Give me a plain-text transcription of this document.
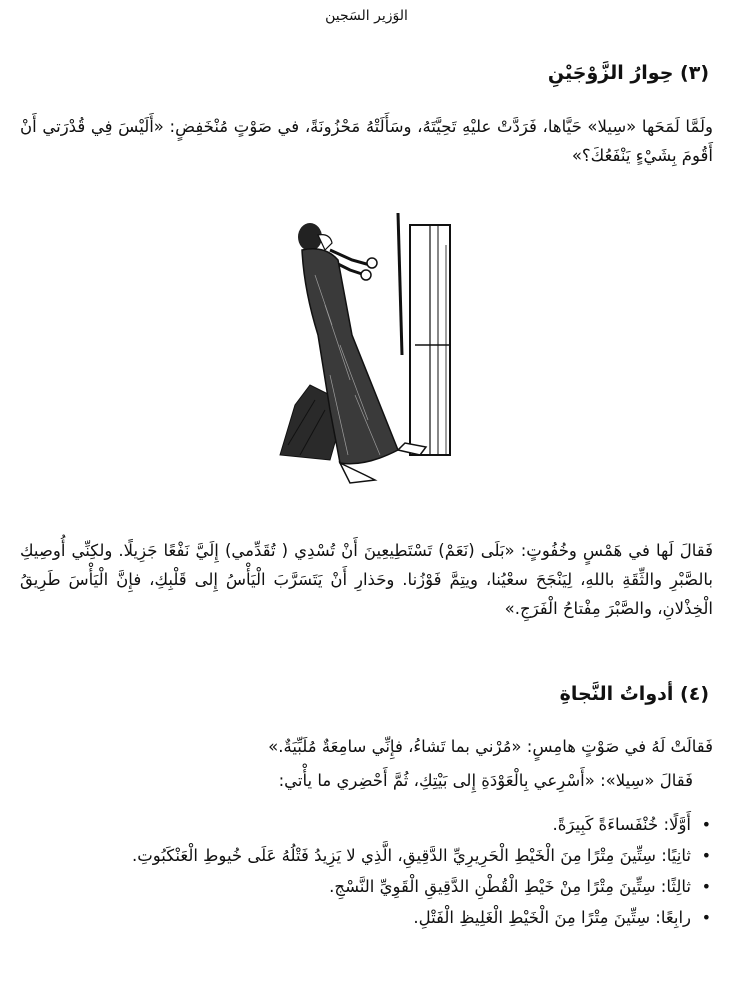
الوَزير السَجين
(٣) حِوارُ الزَّوْجَيْنِ

ولَمَّا لَمَحَها «سِيلا» حَيَّاها، فَرَدَّتْ عليْهِ تَحِيَّتَهُ، وسَأَلَتْهُ مَحْزُونَةً، في صَوْتٍ مُنْخَفِضٍ: «أَلَيْسَ فِي قُدْرَتي أَنْ أَقُومَ بِشَيْءٍ يَنْفَعُكَ؟»

فَقالَ لَها في هَمْسٍ وخُفُوتٍ: «بَلَى (نَعَمْ) تَسْتَطِيعِينَ أَنْ تُسْدِي ( تُقَدِّمي) إِلَيَّ نَفْعًا جَزِيلًا. ولكِنِّي أُوصِيكِ بالصَّبْرِ والثِّقَةِ باللهِ، لِيَنْجَحَ سعْيُنا، ويتِمَّ فَوْزُنا. وحَذارِ أَنْ يَتَسَرَّبَ الْيَأْسُ إِلى قَلْبِكِ، فإِنَّ الْيَأْسَ طَرِيقُ الْخِذْلانِ، والصَّبْرَ مِفْتاحُ الْفَرَجِ.»

(٤) أدواتُ النَّجاةِ

فَقالَتْ لَهُ في صَوْتٍ هامِسٍ: «مُرْني بما تَشاءُ، فإِنِّي سامِعَةٌ مُلَبِّيَةٌ.»

فَقالَ «سِيلا»: «أَسْرِعي بِالْعَوْدَةِ إِلى بَيْتِكِ، ثُمَّ أَحْضِري ما يأْتي:

•
أَوَّلًا: خُنْفَساءَةً كَبِيرَةً.
•
ثانِيًا: سِتِّينَ مِتْرًا مِنَ الْخَيْطِ الْحَرِيرِيِّ الدَّقِيقِ، الَّذِي لا يَزِيدُ فَتْلُهُ عَلَى خُيوطِ الْعَنْكَبُوتِ.
•
ثالِثًا: سِتِّينَ مِتْرًا مِنْ خَيْطِ الْقُطْنِ الدَّقِيقِ الْقَوِيِّ النَّسْجِ.
•
رابِعًا: سِتِّينَ مِتْرًا مِنَ الْخَيْطِ الْغَلِيظِ الْفَتْلِ.
